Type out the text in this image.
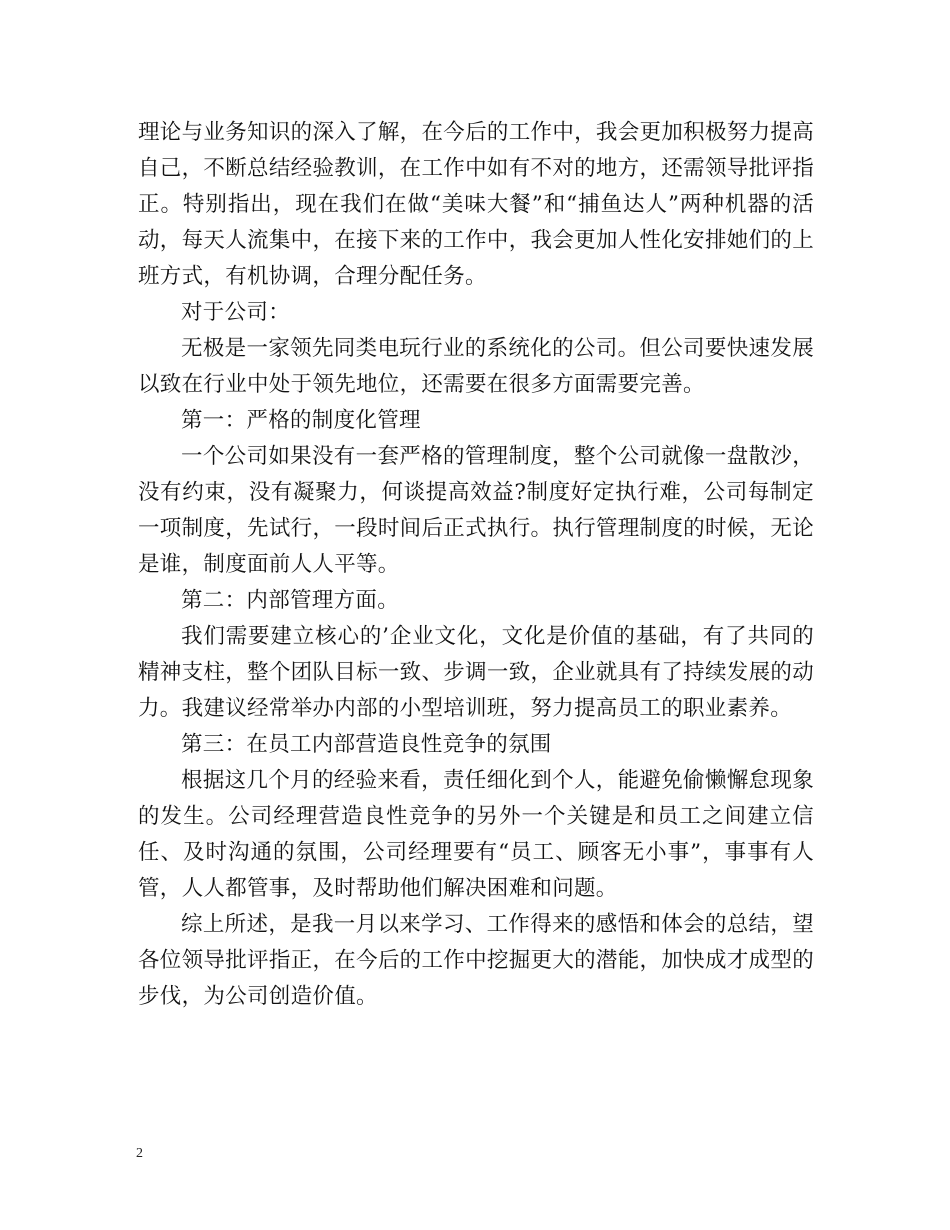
理论与业务知识的深入了解，在今后的工作中，我会更加积极努力提高自己，不断总结经验教训，在工作中如有不对的地方，还需领导批评指正。特别指出，现在我们在做“美味大餐”和“捕鱼达人”两种机器的活动，每天人流集中，在接下来的工作中，我会更加人性化安排她们的上班方式，有机协调，合理分配任务。

对于公司：

无极是一家领先同类电玩行业的系统化的公司。但公司要快速发展以致在行业中处于领先地位，还需要在很多方面需要完善。

第一：严格的制度化管理

一个公司如果没有一套严格的管理制度，整个公司就像一盘散沙，没有约束，没有凝聚力，何谈提高效益?制度好定执行难，公司每制定一项制度，先试行，一段时间后正式执行。执行管理制度的时候，无论是谁，制度面前人人平等。

第二：内部管理方面。

我们需要建立核心的’企业文化，文化是价值的基础，有了共同的精神支柱，整个团队目标一致、步调一致，企业就具有了持续发展的动力。我建议经常举办内部的小型培训班，努力提高员工的职业素养。

第三：在员工内部营造良性竞争的氛围

根据这几个月的经验来看，责任细化到个人，能避免偷懒懈怠现象的发生。公司经理营造良性竞争的另外一个关键是和员工之间建立信任、及时沟通的氛围，公司经理要有“员工、顾客无小事”，事事有人管，人人都管事，及时帮助他们解决困难和问题。

综上所述，是我一月以来学习、工作得来的感悟和体会的总结，望各位领导批评指正，在今后的工作中挖掘更大的潜能，加快成才成型的步伐，为公司创造价值。

2
